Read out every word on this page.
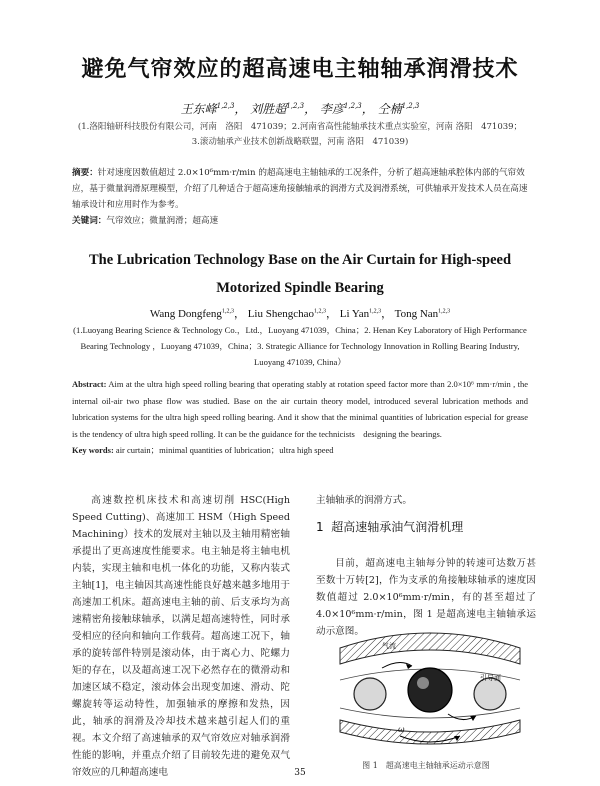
避免气帘效应的超高速电主轴轴承润滑技术
王东峰$^{1,2,3}$， 刘胜超$^{1,2,3}$， 李彦$^{1,2,3}$， 仝楠$^{1,2,3}$
(1.洛阳轴研科技股份有限公司，河南　洛阳　471039；2.河南省高性能轴承技术重点实验室，河南 洛阳　471039；
3.滚动轴承产业技术创新战略联盟，河南 洛阳　471039)
摘要：针对速度因数值超过 2.0×10⁶mm·r/min 的超高速电主轴轴承的工况条件，分析了超高速轴承腔体内部的气帘效应，基于微量润滑原理模型，介绍了几种适合于超高速角接触轴承的润滑方式及润滑系统，可供轴承开发技术人员在高速轴承设计和应用时作为参考。
关键词：气帘效应；微量润滑；超高速
The Lubrication Technology Base on the Air Curtain for High-speed Motorized Spindle Bearing
Wang Dongfeng$^{1,2,3}$， Liu Shengchao$^{1,2,3}$， Li Yan$^{1,2,3}$， Tong Nan$^{1,2,3}$
(1.Luoyang Bearing Science & Technology Co.，Ltd.，Luoyang 471039，China；2. Henan Key Laboratory of High Performance Bearing Technology ，Luoyang 471039，China；3. Strategic Alliance for Technology Innovation in Rolling Bearing Industry, Luoyang 471039, China）
Abstract: Aim at the ultra high speed rolling bearing that operating stably at rotation speed factor more than 2.0×10⁶ mm·r/min , the internal oil-air two phase flow was studied. Base on the air curtain theory model, introduced several lubrication methods and lubrication systems for the ultra high speed rolling bearing. And it show that the minimal quantities of lubrication especial for grease is the tendency of ultra high speed rolling. It can be the guidance for the technicists　designing the bearings.
Key words: air curtain；minimal quantities of lubrication；ultra high speed

高速数控机床技术和高速切削 HSC(High Speed Cutting)、高速加工 HSM（High Speed Machining）技术的发展对主轴以及主轴用精密轴承提出了更高速度性能要求。电主轴是将主轴电机内装，实现主轴和电机一体化的功能，又称内装式主轴[1]，电主轴因其高速性能良好越来越多地用于高速加工机床。超高速电主轴的前、后支承均为高速精密角接触球轴承，以满足超高速特性，同时承受相应的径向和轴向工作载荷。超高速工况下，轴承的旋转部件特别是滚动体，由于离心力、陀螺力矩的存在，以及超高速工况下必然存在的微滑动和加速区域不稳定，滚动体会出现变加速、滑动、陀螺旋转等运动特性，加强轴承的摩擦和发热，因此，轴承的润滑及冷却技术越来越引起人们的重视。本文介绍了高速轴承的双气帘效应对轴承润滑性能的影响，并重点介绍了目前较先进的避免双气帘效应的几种超高速电

主轴轴承的润滑方式。
1 超高速轴承油气润滑机理

目前，超高速电主轴每分钟的转速可达数万甚至数十万转[2]，作为支承的角接触球轴承的速度因数值超过 2.0×10⁶mm·r/min，有的甚至超过了 4.0×10⁶mm·r/min，图 1 是超高速电主轴轴承运动示意图。

气流
引导面
ω
图 1　超高速电主轴轴承运动示意图
35
